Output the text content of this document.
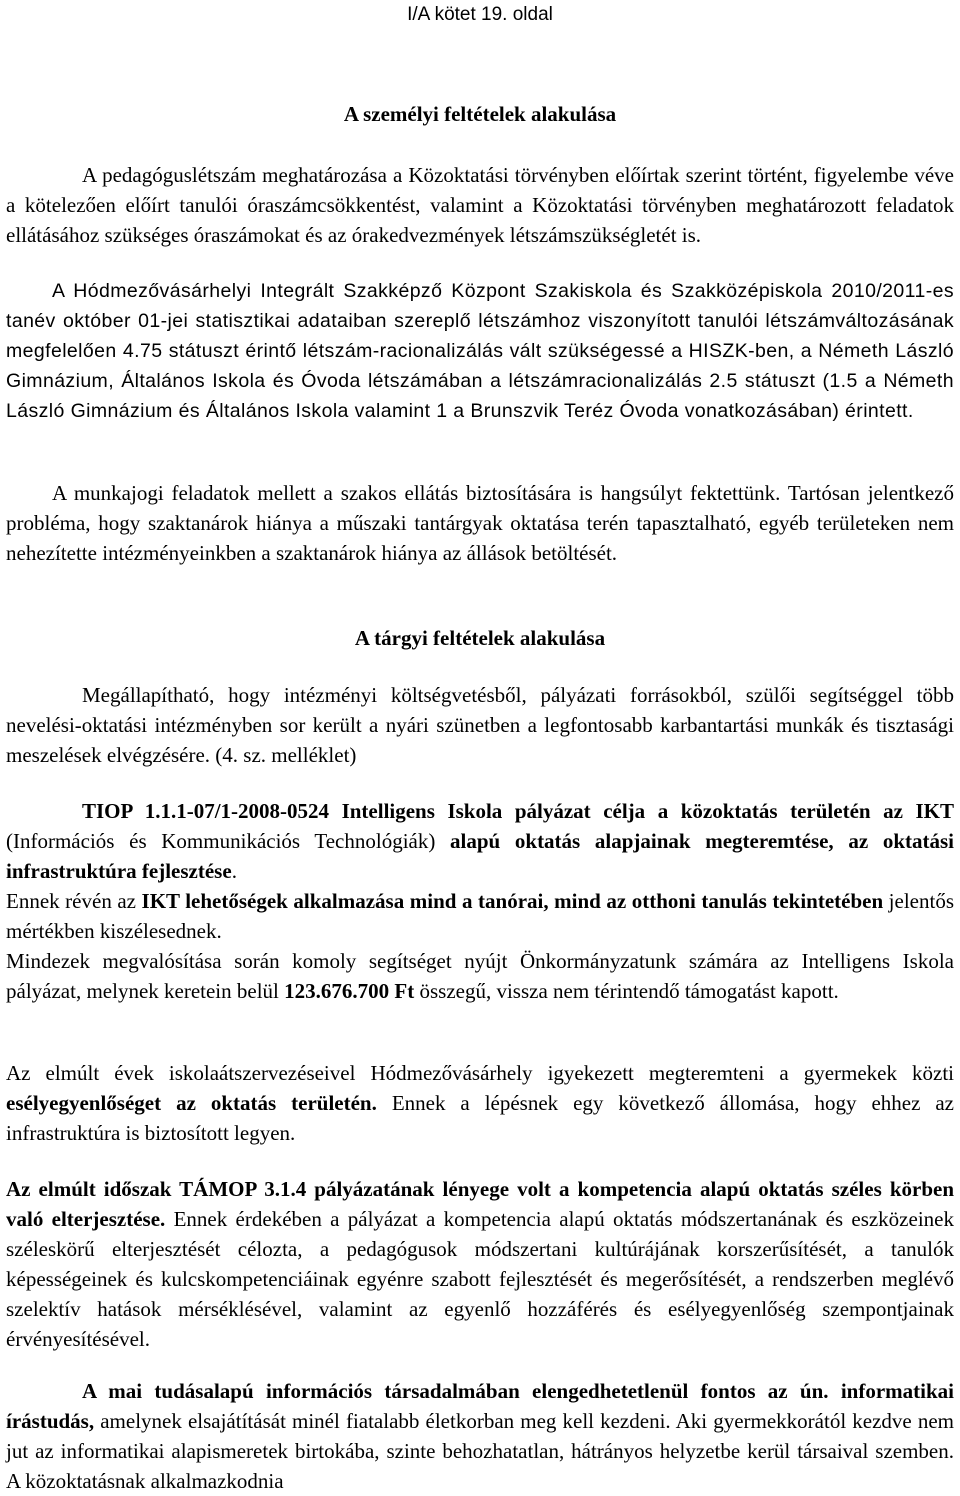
I/A kötet 19. oldal
A személyi feltételek alakulása

A pedagóguslétszám meghatározása a Közoktatási törvényben előírtak szerint történt, figyelembe véve a kötelezően előírt tanulói óraszámcsökkentést, valamint a Közoktatási törvényben meghatározott feladatok ellátásához szükséges óraszámokat és az órakedvezmények létszámszükségletét is.

A Hódmezővásárhelyi Integrált Szakképző Központ Szakiskola és Szakközépiskola 2010/2011-es tanév október 01-jei statisztikai adataiban szereplő létszámhoz viszonyított tanulói létszámváltozásának megfelelően 4.75 státuszt érintő létszám-racionalizálás vált szükségessé a HISZK-ben, a Németh László Gimnázium, Általános Iskola és Óvoda létszámában a létszámracionalizálás 2.5 státuszt (1.5 a Németh László Gimnázium és Általános Iskola valamint 1 a Brunszvik Teréz Óvoda vonatkozásában) érintett.

A munkajogi feladatok mellett a szakos ellátás biztosítására is hangsúlyt fektettünk. Tartósan jelentkező probléma, hogy szaktanárok hiánya a műszaki tantárgyak oktatása terén tapasztalható, egyéb területeken nem nehezítette intézményeinkben a szaktanárok hiánya az állások betöltését.

A tárgyi feltételek alakulása

Megállapítható, hogy intézményi költségvetésből, pályázati forrásokból, szülői segítséggel több nevelési-oktatási intézményben sor került a nyári szünetben a legfontosabb karbantartási munkák és tisztasági meszelések elvégzésére. (4. sz. melléklet)

TIOP 1.1.1-07/1-2008-0524 Intelligens Iskola pályázat célja a közoktatás területén az IKT (Információs és Kommunikációs Technológiák) alapú oktatás alapjainak megteremtése, az oktatási infrastruktúra fejlesztése.

Ennek révén az IKT lehetőségek alkalmazása mind a tanórai, mind az otthoni tanulás tekintetében jelentős mértékben kiszélesednek.

Mindezek megvalósítása során komoly segítséget nyújt Önkormányzatunk számára az Intelligens Iskola pályázat, melynek keretein belül 123.676.700 Ft összegű, vissza nem térintendő támogatást kapott.

Az elmúlt évek iskolaátszervezéseivel Hódmezővásárhely igyekezett megteremteni a gyermekek közti esélyegyenlőséget az oktatás területén. Ennek a lépésnek egy következő állomása, hogy ehhez az infrastruktúra is biztosított legyen.

Az elmúlt időszak TÁMOP 3.1.4 pályázatának lényege volt a kompetencia alapú oktatás széles körben való elterjesztése. Ennek érdekében a pályázat a kompetencia alapú oktatás módszertanának és eszközeinek széleskörű elterjesztését célozta, a pedagógusok módszertani kultúrájának korszerűsítését, a tanulók képességeinek és kulcskompetenciáinak egyénre szabott fejlesztését és megerősítését, a rendszerben meglévő szelektív hatások mérséklésével, valamint az egyenlő hozzáférés és esélyegyenlőség szempontjainak érvényesítésével.

A mai tudásalapú információs társadalmában elengedhetetlenül fontos az ún. informatikai írástudás, amelynek elsajátítását minél fiatalabb életkorban meg kell kezdeni. Aki gyermekkorától kezdve nem jut az informatikai alapismeretek birtokába, szinte behozhatatlan, hátrányos helyzetbe kerül társaival szemben. A közoktatásnak alkalmazkodnia
